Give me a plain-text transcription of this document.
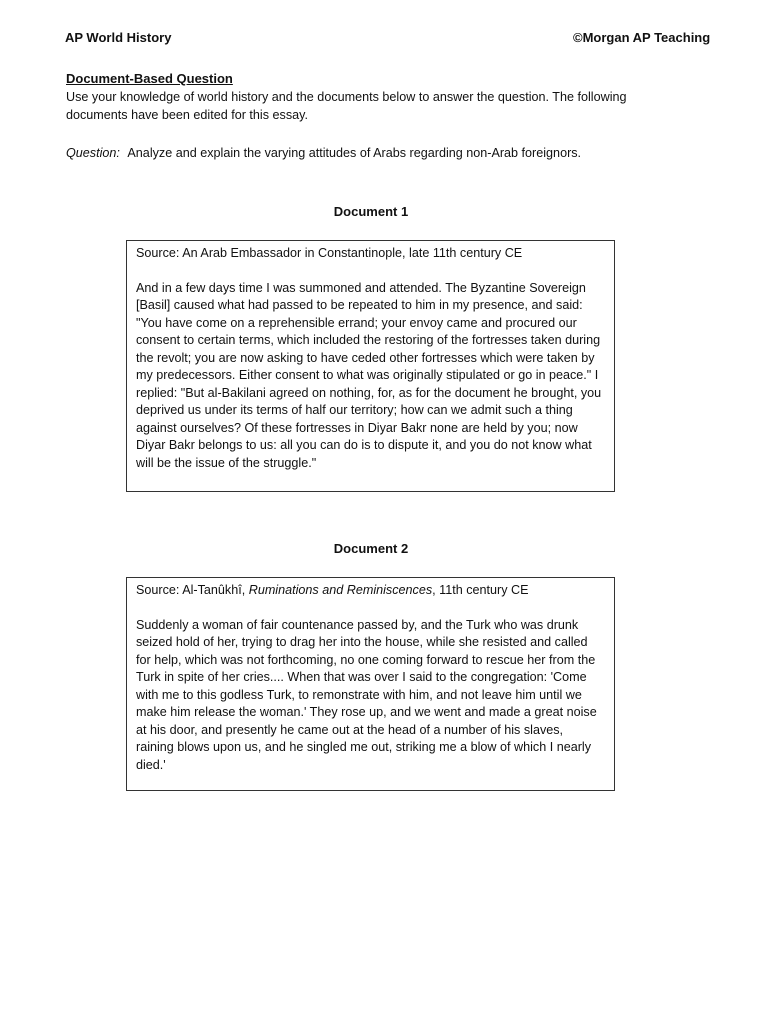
AP World History	©Morgan AP Teaching
Document-Based Question
Use your knowledge of world history and the documents below to answer the question. The following documents have been edited for this essay.
Question: Analyze and explain the varying attitudes of Arabs regarding non-Arab foreignors.
Document 1

Source: An Arab Embassador in Constantinople, late 11th century CE

And in a few days time I was summoned and attended. The Byzantine Sovereign [Basil] caused what had passed to be repeated to him in my presence, and said: "You have come on a reprehensible errand; your envoy came and procured our consent to certain terms, which included the restoring of the fortresses taken during the revolt; you are now asking to have ceded other fortresses which were taken by my predecessors. Either consent to what was originally stipulated or go in peace." I replied: "But al-Bakilani agreed on nothing, for, as for the document he brought, you deprived us under its terms of half our territory; how can we admit such a thing against ourselves? Of these fortresses in Diyar Bakr none are held by you; now Diyar Bakr belongs to us: all you can do is to dispute it, and you do not know what will be the issue of the struggle."

Document 2

Source: Al-Tanûkhî, Ruminations and Reminiscences, 11th century CE

Suddenly a woman of fair countenance passed by, and the Turk who was drunk seized hold of her, trying to drag her into the house, while she resisted and called for help, which was not forthcoming, no one coming forward to rescue her from the Turk in spite of her cries.... When that was over I said to the congregation: 'Come with me to this godless Turk, to remonstrate with him, and not leave him until we make him release the woman.' They rose up, and we went and made a great noise at his door, and presently he came out at the head of a number of his slaves, raining blows upon us, and he singled me out, striking me a blow of which I nearly died.'
